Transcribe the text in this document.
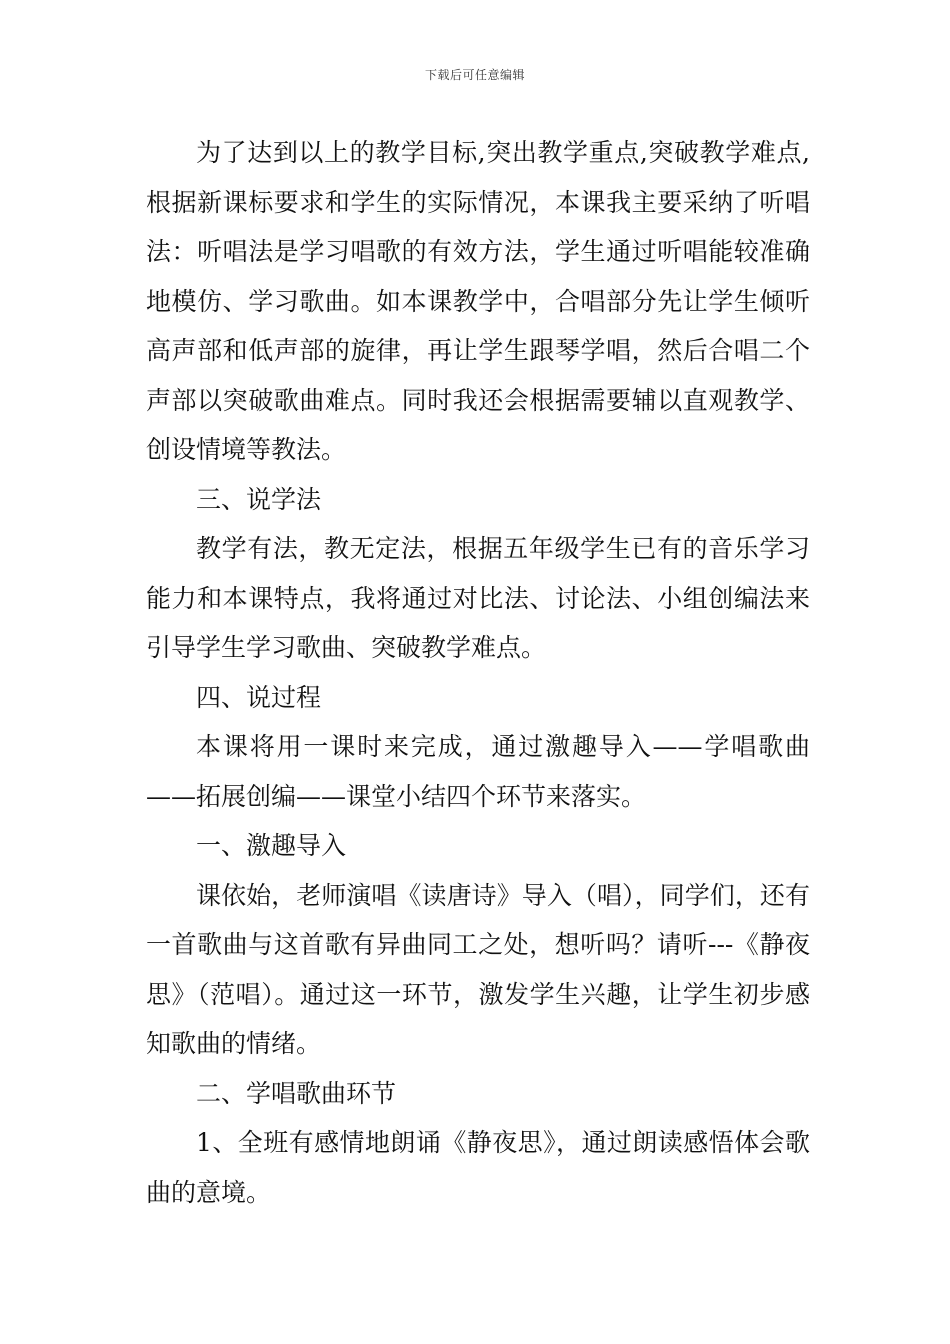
下载后可任意编辑

为了达到以上的教学目标,突出教学重点,突破教学难点,根据新课标要求和学生的实际情况，本课我主要采纳了听唱法：听唱法是学习唱歌的有效方法，学生通过听唱能较准确地模仿、学习歌曲。如本课教学中，合唱部分先让学生倾听高声部和低声部的旋律，再让学生跟琴学唱，然后合唱二个声部以突破歌曲难点。同时我还会根据需要辅以直观教学、创设情境等教法。

三、说学法

教学有法，教无定法，根据五年级学生已有的音乐学习能力和本课特点，我将通过对比法、讨论法、小组创编法来引导学生学习歌曲、突破教学难点。

四、说过程

本课将用一课时来完成，通过激趣导入——学唱歌曲——拓展创编——课堂小结四个环节来落实。

一、激趣导入

课依始，老师演唱《读唐诗》导入（唱），同学们，还有一首歌曲与这首歌有异曲同工之处，想听吗？请听---《静夜思》（范唱）。通过这一环节，激发学生兴趣，让学生初步感知歌曲的情绪。

二、学唱歌曲环节

1、全班有感情地朗诵《静夜思》，通过朗读感悟体会歌曲的意境。
